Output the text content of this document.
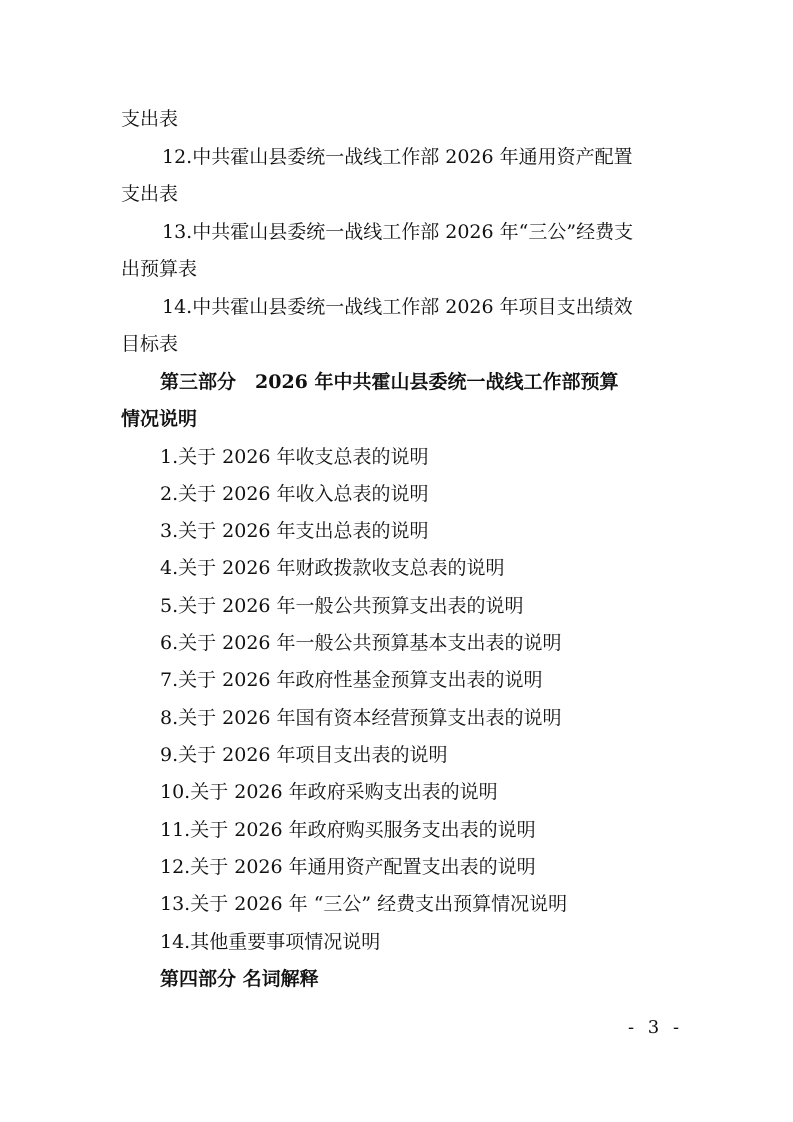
支出表
12.中共霍山县委统一战线工作部 2026 年通用资产配置
支出表
13.中共霍山县委统一战线工作部 2026 年“三公”经费支
出预算表
14.中共霍山县委统一战线工作部 2026 年项目支出绩效
目标表
第三部分　2026 年中共霍山县委统一战线工作部预算
情况说明
1.关于 2026 年收支总表的说明
2.关于 2026 年收入总表的说明
3.关于 2026 年支出总表的说明
4.关于 2026 年财政拨款收支总表的说明
5.关于 2026 年一般公共预算支出表的说明
6.关于 2026 年一般公共预算基本支出表的说明
7.关于 2026 年政府性基金预算支出表的说明
8.关于 2026 年国有资本经营预算支出表的说明
9.关于 2026 年项目支出表的说明
10.关于 2026 年政府采购支出表的说明
11.关于 2026 年政府购买服务支出表的说明
12.关于 2026 年通用资产配置支出表的说明
13.关于 2026 年 “三公” 经费支出预算情况说明
14.其他重要事项情况说明
第四部分 名词解释
- 3 -
